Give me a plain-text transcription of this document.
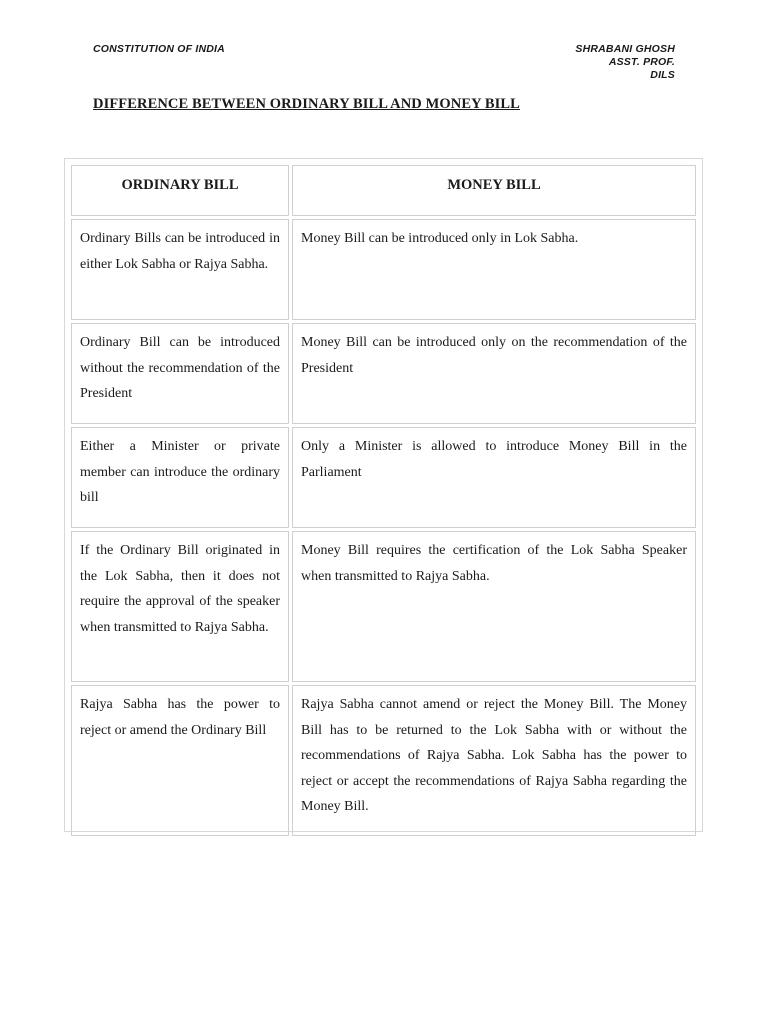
CONSTITUTION OF INDIA	SHRABANI GHOSH
ASST. PROF.
DILS
DIFFERENCE BETWEEN ORDINARY BILL AND MONEY BILL
ORDINARY BILL	MONEY BILL
Ordinary Bills can be introduced in either Lok Sabha or Rajya Sabha.	Money Bill can be introduced only in Lok Sabha.
Ordinary Bill can be introduced without the recommendation of the President	Money Bill can be introduced only on the recommendation of the President
Either a Minister or private member can introduce the ordinary bill	Only a Minister is allowed to introduce Money Bill in the Parliament
If the Ordinary Bill originated in the Lok Sabha, then it does not require the approval of the speaker when transmitted to Rajya Sabha.	Money Bill requires the certification of the Lok Sabha Speaker when transmitted to Rajya Sabha.
Rajya Sabha has the power to reject or amend the Ordinary Bill	Rajya Sabha cannot amend or reject the Money Bill. The Money Bill has to be returned to the Lok Sabha with or without the recommendations of Rajya Sabha. Lok Sabha has the power to reject or accept the recommendations of Rajya Sabha regarding the Money Bill.
